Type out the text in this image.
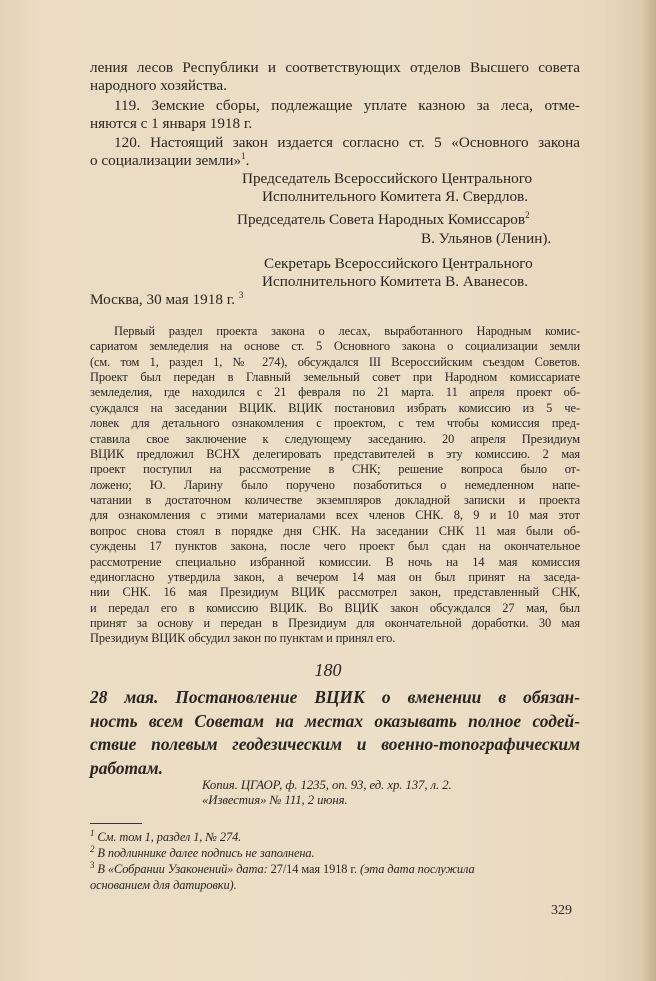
ления лесов Республики и соответствующих отделов Высшего совета
народного хозяйства.
119. Земские сборы, подлежащие уплате казною за леса, отме-
няются с 1 января 1918 г.
120. Настоящий закон издается согласно ст. 5 «Основного закона
о социализации земли»$^1$.
Председатель Всероссийского Центрального
Исполнительного Комитета Я. Свердлов.
Председатель Совета Народных Комиссаров$^2$
В. Ульянов (Ленин).
Секретарь Всероссийского Центрального
Исполнительного Комитета В. Аванесов.
Москва, 30 мая 1918 г. $^3$
Первый раздел проекта закона о лесах, выработанного Народным комис-
сариатом земледелия на основе ст. 5 Основного закона о социализации земли
(см. том 1, раздел 1, № 274), обсуждался III Всероссийским съездом Советов.
Проект был передан в Главный земельный совет при Народном комиссариате
земледелия, где находился с 21 февраля по 21 марта. 11 апреля проект об-
суждался на заседании ВЦИК. ВЦИК постановил избрать комиссию из 5 че-
ловек для детального ознакомления с проектом, с тем чтобы комиссия пред-
ставила свое заключение к следующему заседанию. 20 апреля Президиум
ВЦИК предложил ВСНХ делегировать представителей в эту комиссию. 2 мая
проект поступил на рассмотрение в СНК; решение вопроса было от-
ложено; Ю. Ларину было поручено позаботиться о немедленном напе-
чатании в достаточном количестве экземпляров докладной записки и проекта
для ознакомления с этими материалами всех членов СНК. 8, 9 и 10 мая этот
вопрос снова стоял в порядке дня СНК. На заседании СНК 11 мая были об-
суждены 17 пунктов закона, после чего проект был сдан на окончательное
рассмотрение специально избранной комиссии. В ночь на 14 мая комиссия
единогласно утвердила закон, а вечером 14 мая он был принят на заседа-
нии СНК. 16 мая Президиум ВЦИК рассмотрел закон, представленный СНК,
и передал его в комиссию ВЦИК. Во ВЦИК закон обсуждался 27 мая, был
принят за основу и передан в Президиум для окончательной доработки. 30 мая
Президиум ВЦИК обсудил закон по пунктам и принял его.
180
28 мая. Постановление ВЦИК о вменении в обязан-
ность всем Советам на местах оказывать полное содей-
ствие полевым геодезическим и военно-топографическим
работам.
Копия. ЦГАОР, ф. 1235, оп. 93, ед. хр. 137, л. 2.
«Известия» № 111, 2 июня.
$^1$ См. том 1, раздел 1, № 274.
$^2$ В подлиннике далее подпись не заполнена.
$^3$ В «Собрании Узаконений» дата: 27/14 мая 1918 г. (эта дата послужила
основанием для датировки).
329
